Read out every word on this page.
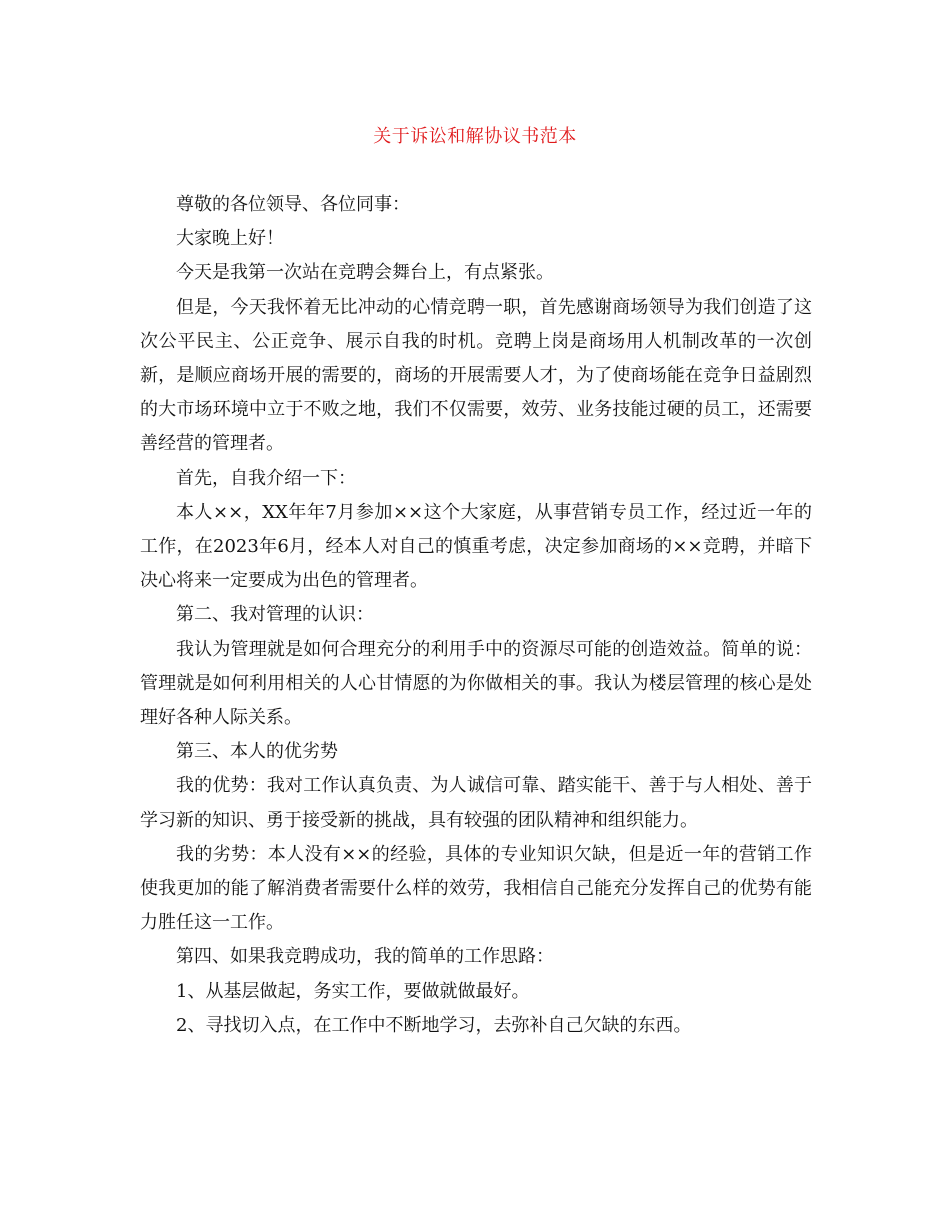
关于诉讼和解协议书范本

尊敬的各位领导、各位同事：

大家晚上好！

今天是我第一次站在竞聘会舞台上，有点紧张。

但是，今天我怀着无比冲动的心情竞聘一职，首先感谢商场领导为我们创造了这次公平民主、公正竞争、展示自我的时机。竞聘上岗是商场用人机制改革的一次创新，是顺应商场开展的需要的，商场的开展需要人才，为了使商场能在竞争日益剧烈的大市场环境中立于不败之地，我们不仅需要，效劳、业务技能过硬的员工，还需要善经营的管理者。

首先，自我介绍一下：

本人××，XX年年7月参加××这个大家庭，从事营销专员工作，经过近一年的工作，在2023年6月，经本人对自己的慎重考虑，决定参加商场的××竞聘，并暗下决心将来一定要成为出色的管理者。

第二、我对管理的认识：

我认为管理就是如何合理充分的利用手中的资源尽可能的创造效益。简单的说：管理就是如何利用相关的人心甘情愿的为你做相关的事。我认为楼层管理的核心是处理好各种人际关系。

第三、本人的优劣势

我的优势：我对工作认真负责、为人诚信可靠、踏实能干、善于与人相处、善于学习新的知识、勇于接受新的挑战，具有较强的团队精神和组织能力。

我的劣势：本人没有××的经验，具体的专业知识欠缺，但是近一年的营销工作使我更加的能了解消费者需要什么样的效劳，我相信自己能充分发挥自己的优势有能力胜任这一工作。

第四、如果我竞聘成功，我的简单的工作思路：

1、从基层做起，务实工作，要做就做最好。

2、寻找切入点，在工作中不断地学习，去弥补自己欠缺的东西。
